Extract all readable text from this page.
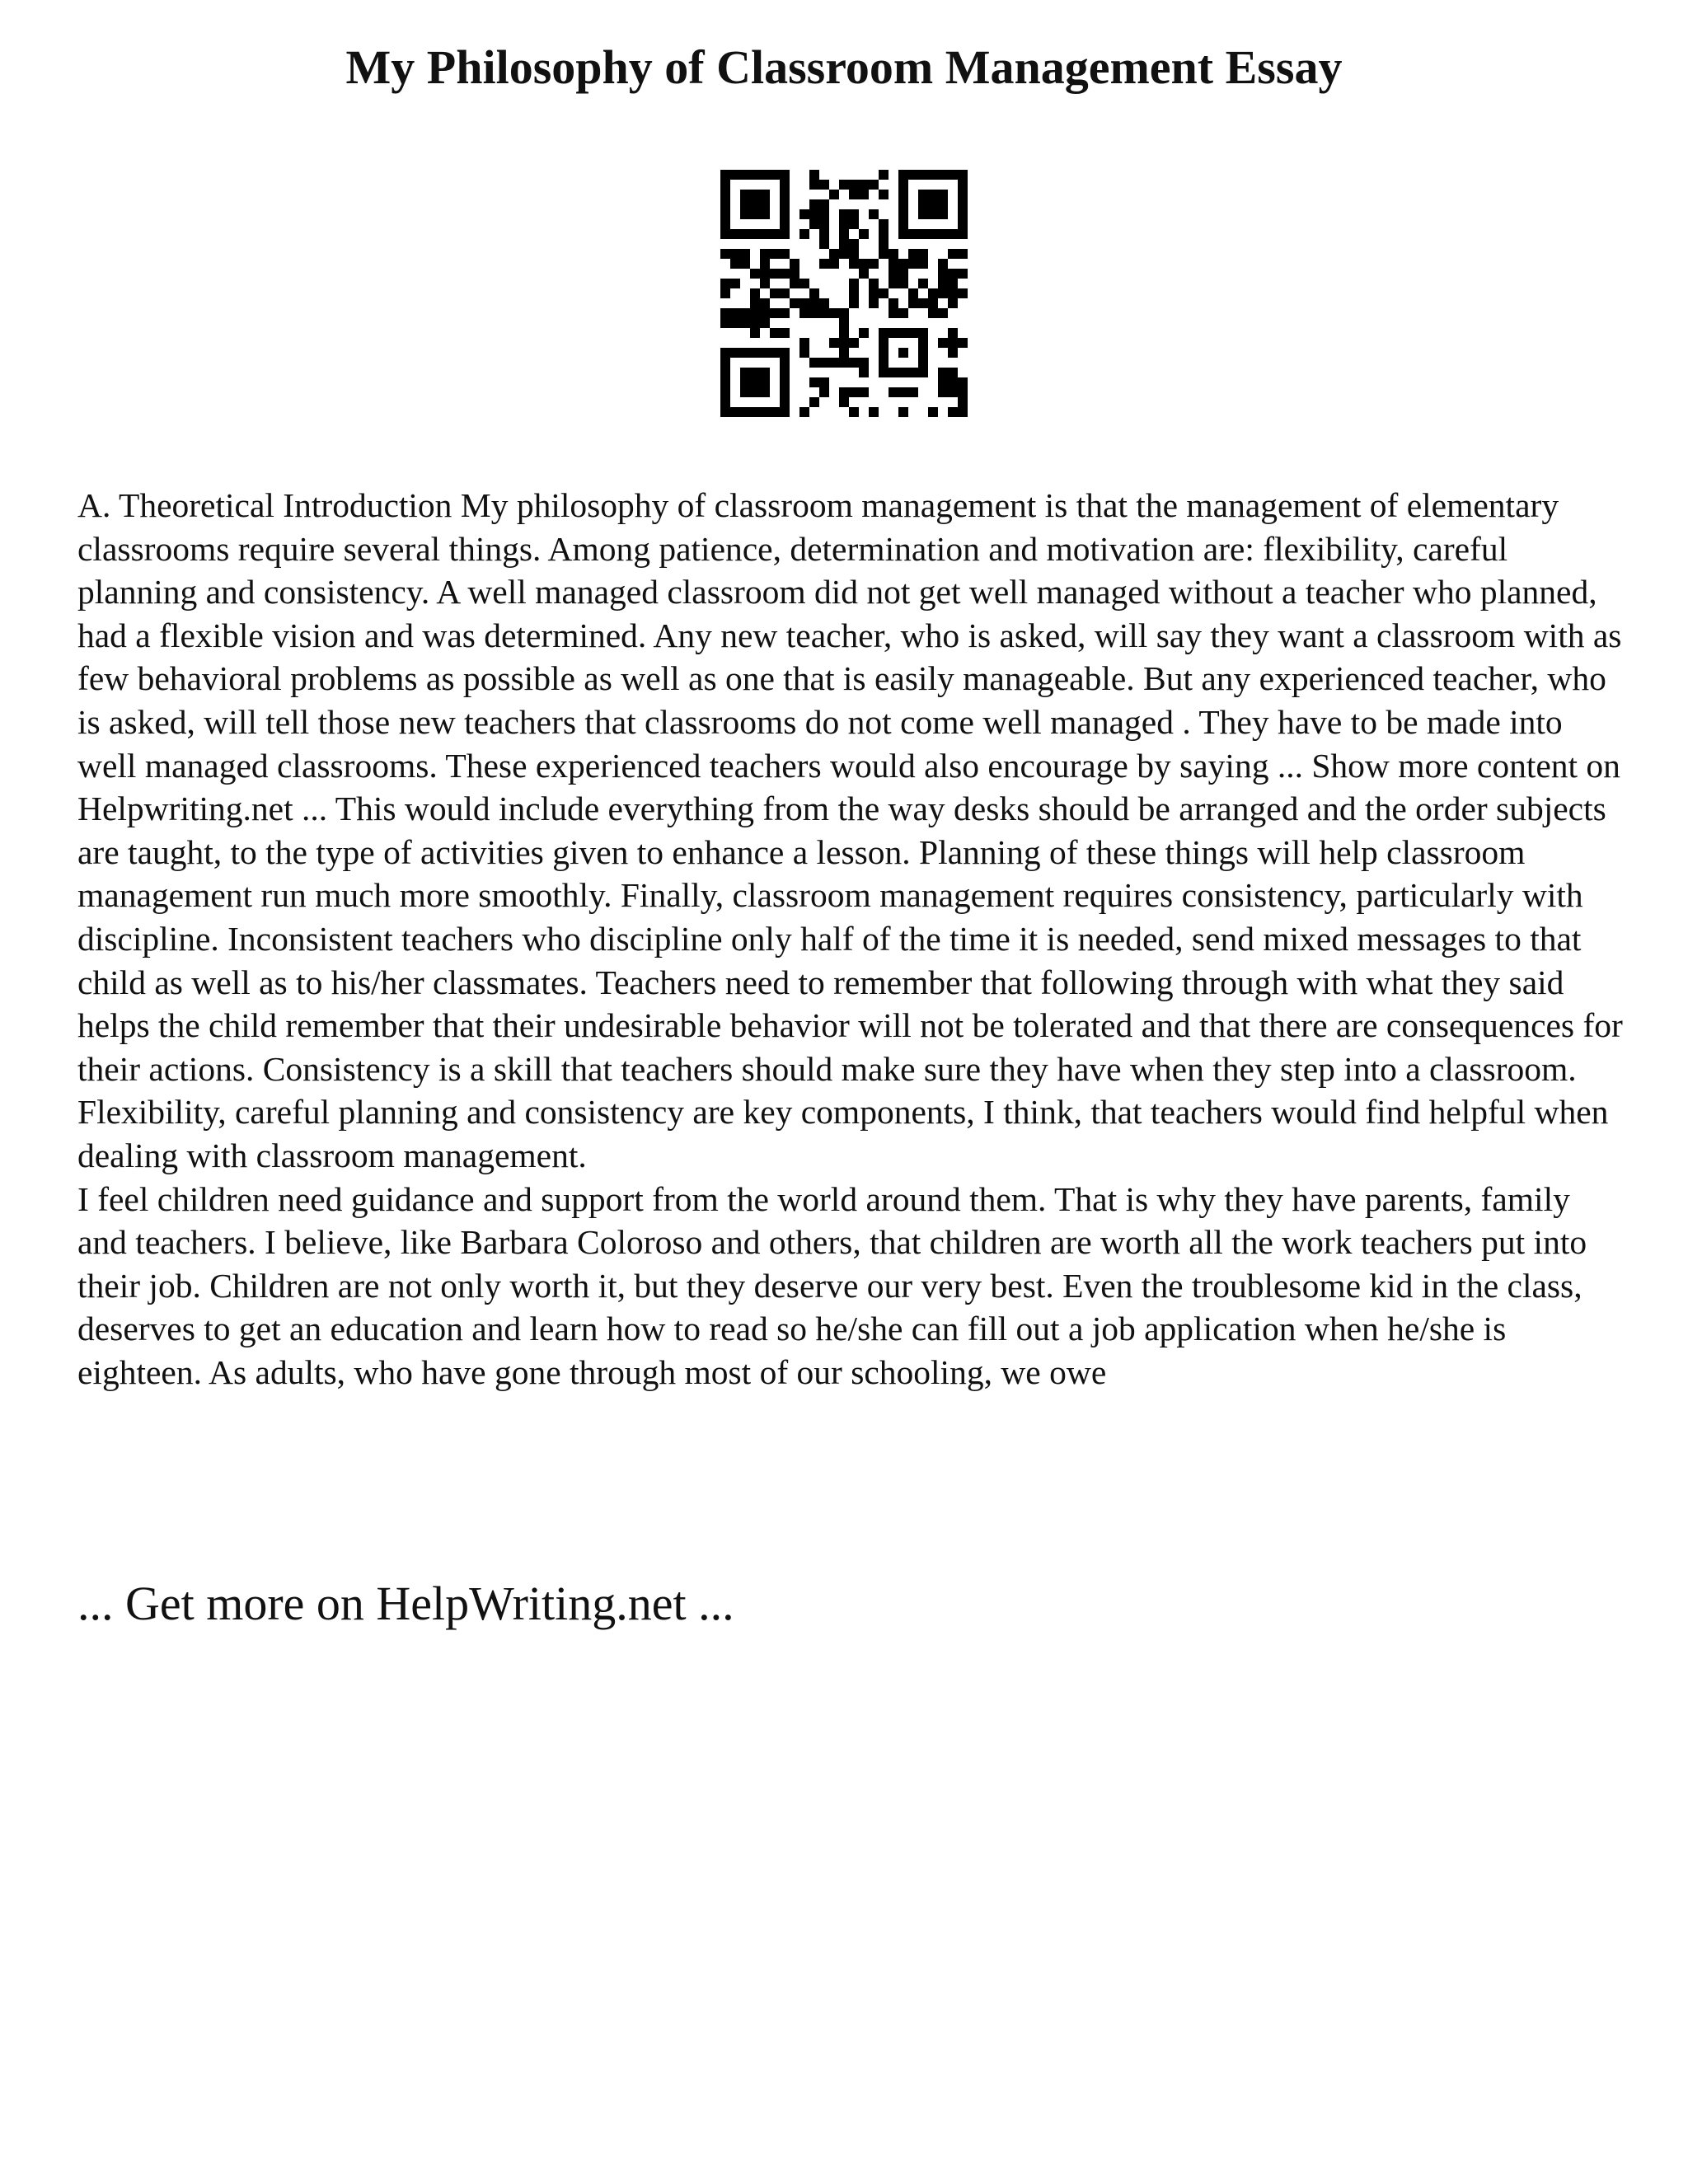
My Philosophy of Classroom Management Essay

A. Theoretical Introduction My philosophy of classroom management is that the management of elementary classrooms require several things. Among patience, determination and motivation are: flexibility, careful planning and consistency. A well managed classroom did not get well managed without a teacher who planned, had a flexible vision and was determined. Any new teacher, who is asked, will say they want a classroom with as few behavioral problems as possible as well as one that is easily manageable. But any experienced teacher, who is asked, will tell those new teachers that classrooms do not come well managed . They have to be made into well managed classrooms. These experienced teachers would also encourage by saying ... Show more content on Helpwriting.net ... This would include everything from the way desks should be arranged and the order subjects are taught, to the type of activities given to enhance a lesson. Planning of these things will help classroom management run much more smoothly. Finally, classroom management requires consistency, particularly with discipline. Inconsistent teachers who discipline only half of the time it is needed, send mixed messages to that child as well as to his/her classmates. Teachers need to remember that following through with what they said helps the child remember that their undesirable behavior will not be tolerated and that there are consequences for their actions. Consistency is a skill that teachers should make sure they have when they step into a classroom. Flexibility, careful planning and consistency are key components, I think, that teachers would find helpful when dealing with classroom management.

I feel children need guidance and support from the world around them. That is why they have parents, family and teachers. I believe, like Barbara Coloroso and others, that children are worth all the work teachers put into their job. Children are not only worth it, but they deserve our very best. Even the troublesome kid in the class, deserves to get an education and learn how to read so he/she can fill out a job application when he/she is eighteen. As adults, who have gone through most of our schooling, we owe

... Get more on HelpWriting.net ...
